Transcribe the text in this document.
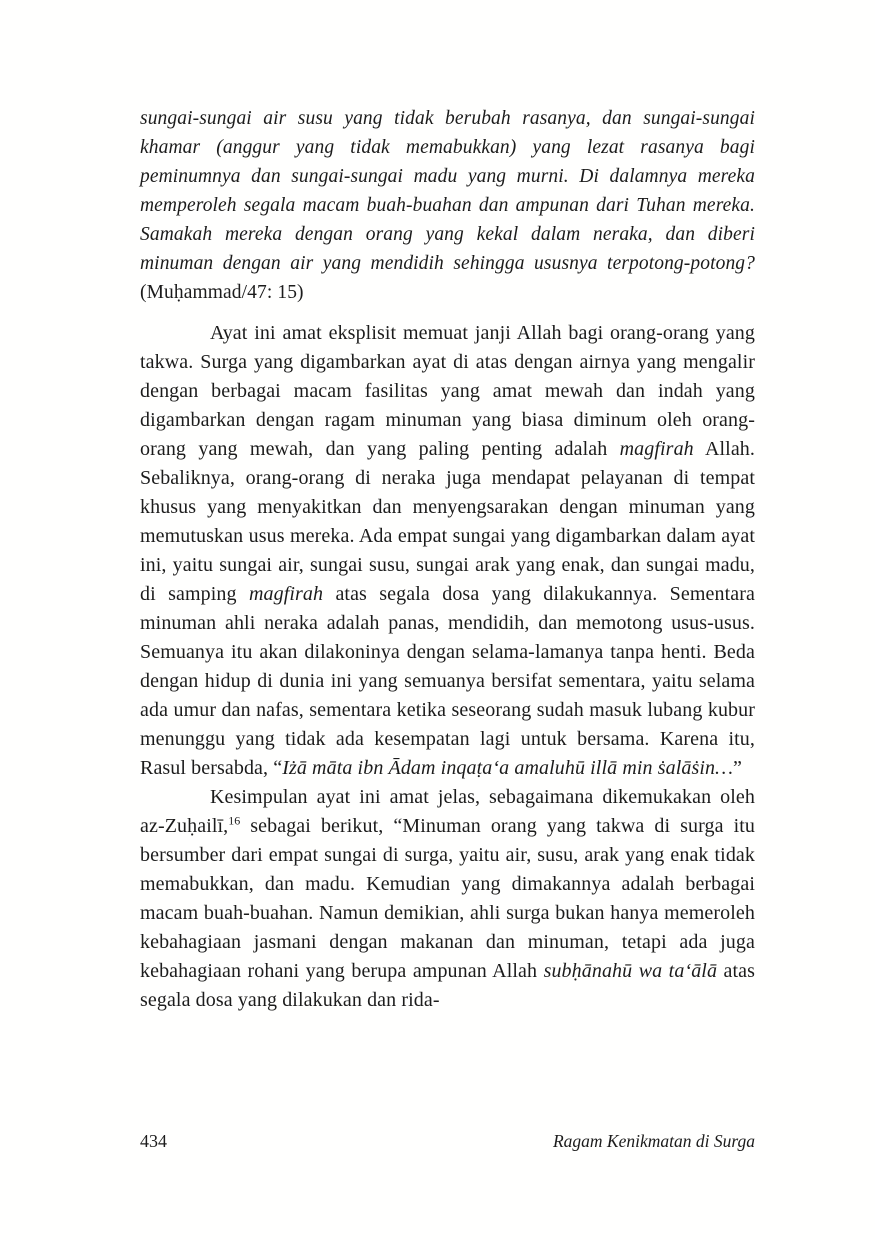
sungai-sungai air susu yang tidak berubah rasanya, dan sungai-sungai khamar (anggur yang tidak memabukkan) yang lezat rasanya bagi peminumnya dan sungai-sungai madu yang murni. Di dalamnya mereka memperoleh segala macam buah-buahan dan ampunan dari Tuhan mereka. Samakah mereka dengan orang yang kekal dalam neraka, dan diberi minuman dengan air yang mendidih sehingga ususnya terpotong-potong? (Muḥammad/47: 15)

Ayat ini amat eksplisit memuat janji Allah bagi orang-orang yang takwa. Surga yang digambarkan ayat di atas dengan airnya yang mengalir dengan berbagai macam fasilitas yang amat mewah dan indah yang digambarkan dengan ragam minuman yang biasa diminum oleh orang-orang yang mewah, dan yang paling penting adalah magfirah Allah. Sebaliknya, orang-orang di neraka juga mendapat pelayanan di tempat khusus yang menyakitkan dan menyengsarakan dengan minuman yang memutuskan usus mereka. Ada empat sungai yang digambarkan dalam ayat ini, yaitu sungai air, sungai susu, sungai arak yang enak, dan sungai madu, di samping magfirah atas segala dosa yang dilakukannya. Sementara minuman ahli neraka adalah panas, mendidih, dan memotong usus-usus. Semuanya itu akan dilakoninya dengan selama-lamanya tanpa henti. Beda dengan hidup di dunia ini yang semuanya bersifat sementara, yaitu selama ada umur dan nafas, sementara ketika seseorang sudah masuk lubang kubur menunggu yang tidak ada kesempatan lagi untuk bersama. Karena itu, Rasul bersabda, “Iżā māta ibn Ādam inqaṭa‘a amaluhū illā min ṡalāṡin…”

Kesimpulan ayat ini amat jelas, sebagaimana dikemukakan oleh az-Zuḥailī,$^{16}$ sebagai berikut, “Minuman orang yang takwa di surga itu bersumber dari empat sungai di surga, yaitu air, susu, arak yang enak tidak memabukkan, dan madu. Kemudian yang dimakannya adalah berbagai macam buah-buahan. Namun demikian, ahli surga bukan hanya memeroleh kebahagiaan jasmani dengan makanan dan minuman, tetapi ada juga kebahagiaan rohani yang berupa ampunan Allah subḥānahū wa ta‘ālā atas segala dosa yang dilakukan dan rida-

434	Ragam Kenikmatan di Surga
